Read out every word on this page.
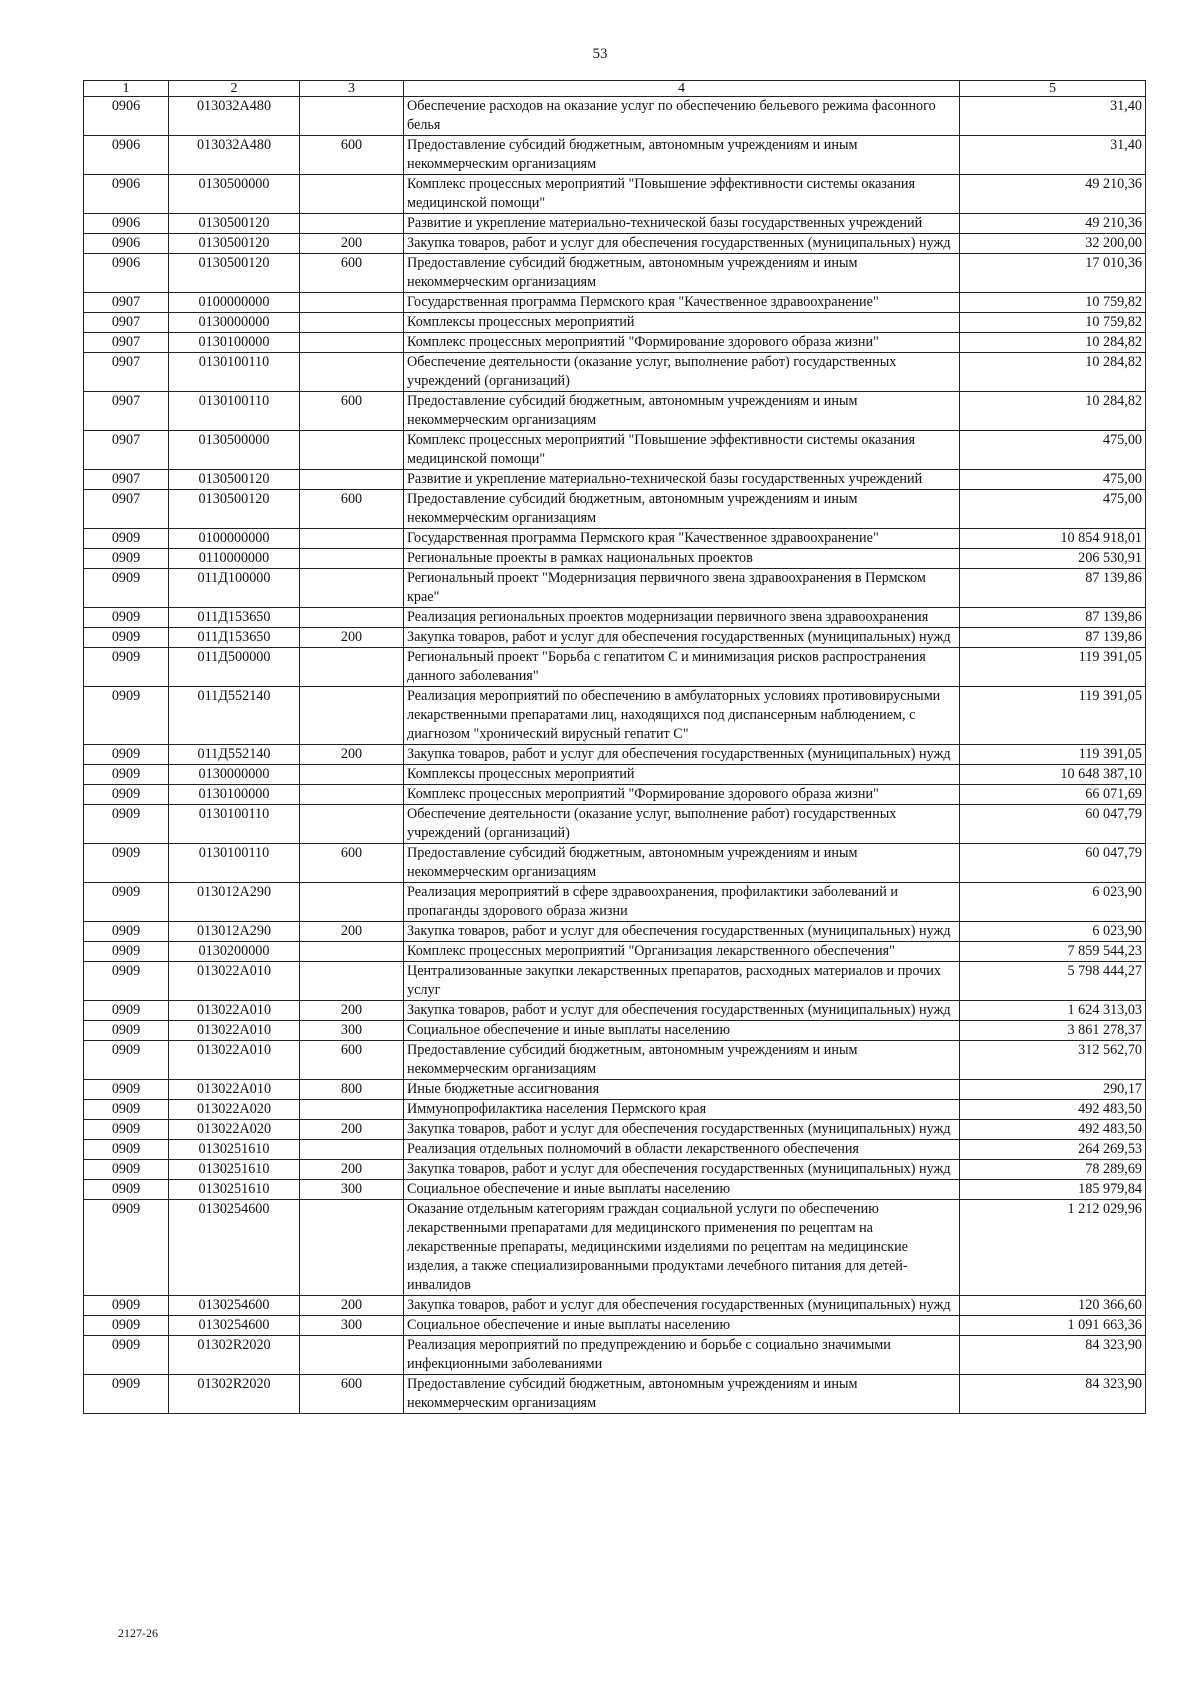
53
1	2	3	4	5
0906	013032А480		Обеспечение расходов на оказание услуг по обеспечению бельевого режима фасонного белья	31,40
0906	013032А480	600	Предоставление субсидий бюджетным, автономным учреждениям и иным некоммерческим организациям	31,40
0906	0130500000		Комплекс процессных мероприятий "Повышение эффективности системы оказания медицинской помощи"	49 210,36
0906	0130500120		Развитие и укрепление материально-технической базы государственных учреждений	49 210,36
0906	0130500120	200	Закупка товаров, работ и услуг для обеспечения государственных (муниципальных) нужд	32 200,00
0906	0130500120	600	Предоставление субсидий бюджетным, автономным учреждениям и иным некоммерческим организациям	17 010,36
0907	0100000000		Государственная программа Пермского края "Качественное здравоохранение"	10 759,82
0907	0130000000		Комплексы процессных мероприятий	10 759,82
0907	0130100000		Комплекс процессных мероприятий "Формирование здорового образа жизни"	10 284,82
0907	0130100110		Обеспечение деятельности (оказание услуг, выполнение работ) государственных учреждений (организаций)	10 284,82
0907	0130100110	600	Предоставление субсидий бюджетным, автономным учреждениям и иным некоммерческим организациям	10 284,82
0907	0130500000		Комплекс процессных мероприятий "Повышение эффективности системы оказания медицинской помощи"	475,00
0907	0130500120		Развитие и укрепление материально-технической базы государственных учреждений	475,00
0907	0130500120	600	Предоставление субсидий бюджетным, автономным учреждениям и иным некоммерческим организациям	475,00
0909	0100000000		Государственная программа Пермского края "Качественное здравоохранение"	10 854 918,01
0909	0110000000		Региональные проекты в рамках национальных проектов	206 530,91
0909	011Д100000		Региональный проект "Модернизация первичного звена здравоохранения в Пермском крае"	87 139,86
0909	011Д153650		Реализация региональных проектов модернизации первичного звена здравоохранения	87 139,86
0909	011Д153650	200	Закупка товаров, работ и услуг для обеспечения государственных (муниципальных) нужд	87 139,86
0909	011Д500000		Региональный проект "Борьба с гепатитом С и минимизация рисков распространения данного заболевания"	119 391,05
0909	011Д552140		Реализация мероприятий по обеспечению в амбулаторных условиях противовирусными лекарственными препаратами лиц, находящихся под диспансерным наблюдением, с диагнозом "хронический вирусный гепатит С"	119 391,05
0909	011Д552140	200	Закупка товаров, работ и услуг для обеспечения государственных (муниципальных) нужд	119 391,05
0909	0130000000		Комплексы процессных мероприятий	10 648 387,10
0909	0130100000		Комплекс процессных мероприятий "Формирование здорового образа жизни"	66 071,69
0909	0130100110		Обеспечение деятельности (оказание услуг, выполнение работ) государственных учреждений (организаций)	60 047,79
0909	0130100110	600	Предоставление субсидий бюджетным, автономным учреждениям и иным некоммерческим организациям	60 047,79
0909	013012А290		Реализация мероприятий в сфере здравоохранения, профилактики заболеваний и пропаганды здорового образа жизни	6 023,90
0909	013012А290	200	Закупка товаров, работ и услуг для обеспечения государственных (муниципальных) нужд	6 023,90
0909	0130200000		Комплекс процессных мероприятий "Организация лекарственного обеспечения"	7 859 544,23
0909	013022А010		Централизованные закупки лекарственных препаратов, расходных материалов и прочих услуг	5 798 444,27
0909	013022А010	200	Закупка товаров, работ и услуг для обеспечения государственных (муниципальных) нужд	1 624 313,03
0909	013022А010	300	Социальное обеспечение и иные выплаты населению	3 861 278,37
0909	013022А010	600	Предоставление субсидий бюджетным, автономным учреждениям и иным некоммерческим организациям	312 562,70
0909	013022А010	800	Иные бюджетные ассигнования	290,17
0909	013022А020		Иммунопрофилактика населения Пермского края	492 483,50
0909	013022А020	200	Закупка товаров, работ и услуг для обеспечения государственных (муниципальных) нужд	492 483,50
0909	0130251610		Реализация отдельных полномочий в области лекарственного обеспечения	264 269,53
0909	0130251610	200	Закупка товаров, работ и услуг для обеспечения государственных (муниципальных) нужд	78 289,69
0909	0130251610	300	Социальное обеспечение и иные выплаты населению	185 979,84
0909	0130254600		Оказание отдельным категориям граждан социальной услуги по обеспечению лекарственными препаратами для медицинского применения по рецептам на лекарственные препараты, медицинскими изделиями по рецептам на медицинские изделия, а также специализированными продуктами лечебного питания для детей-инвалидов	1 212 029,96
0909	0130254600	200	Закупка товаров, работ и услуг для обеспечения государственных (муниципальных) нужд	120 366,60
0909	0130254600	300	Социальное обеспечение и иные выплаты населению	1 091 663,36
0909	01302R2020		Реализация мероприятий по предупреждению и борьбе с социально значимыми инфекционными заболеваниями	84 323,90
0909	01302R2020	600	Предоставление субсидий бюджетным, автономным учреждениям и иным некоммерческим организациям	84 323,90
2127-26
